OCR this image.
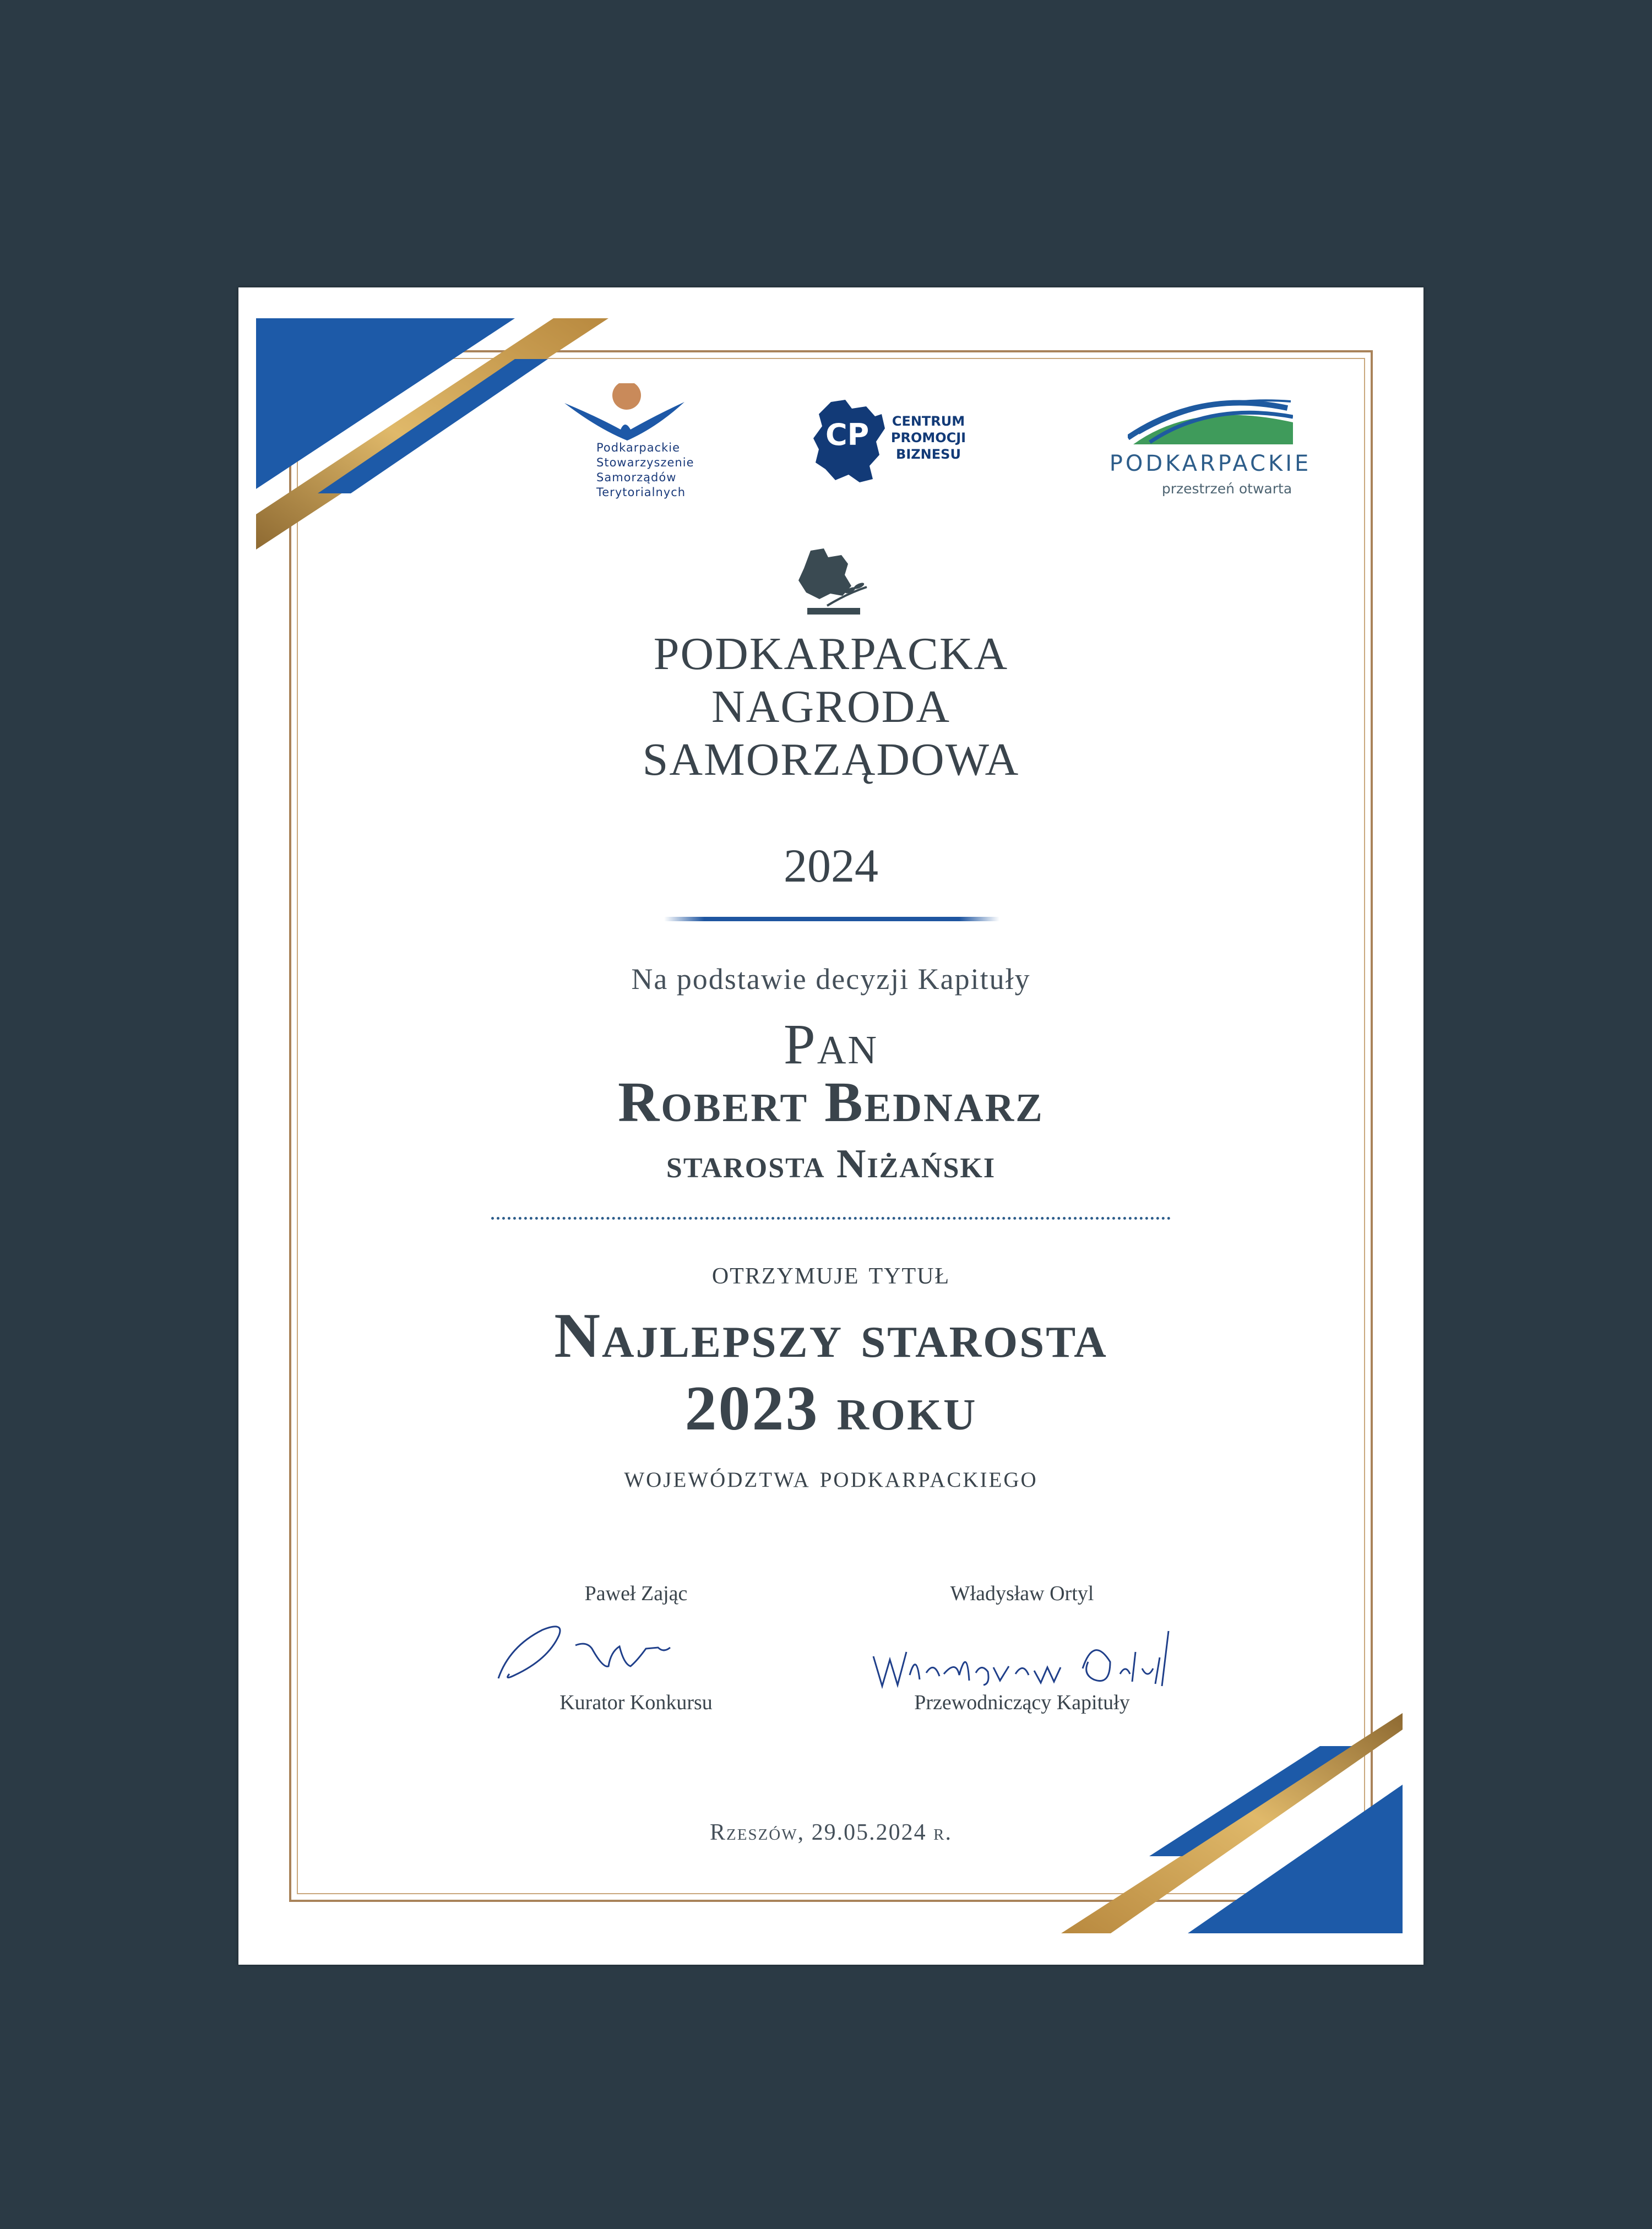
Podkarpackie
Stowarzyszenie
Samorządów
Terytorialnych
CP	CENTRUM
PROMOCJI
BIZNESU	PODKARPACKIE
przestrzeń otwarta
PODKARPACKA
NAGRODA
SAMORZĄDOWA
2024
Na podstawie decyzji Kapituły
Pan
Robert Bednarz
starosta Niżański
otrzymuje tytuł
Najlepszy starosta
2023 roku
województwa podkarpackiego
Paweł Zając
Kurator Konkursu
Władysław Ortyl
Przewodniczący Kapituły
Rzeszów, 29.05.2024 r.
